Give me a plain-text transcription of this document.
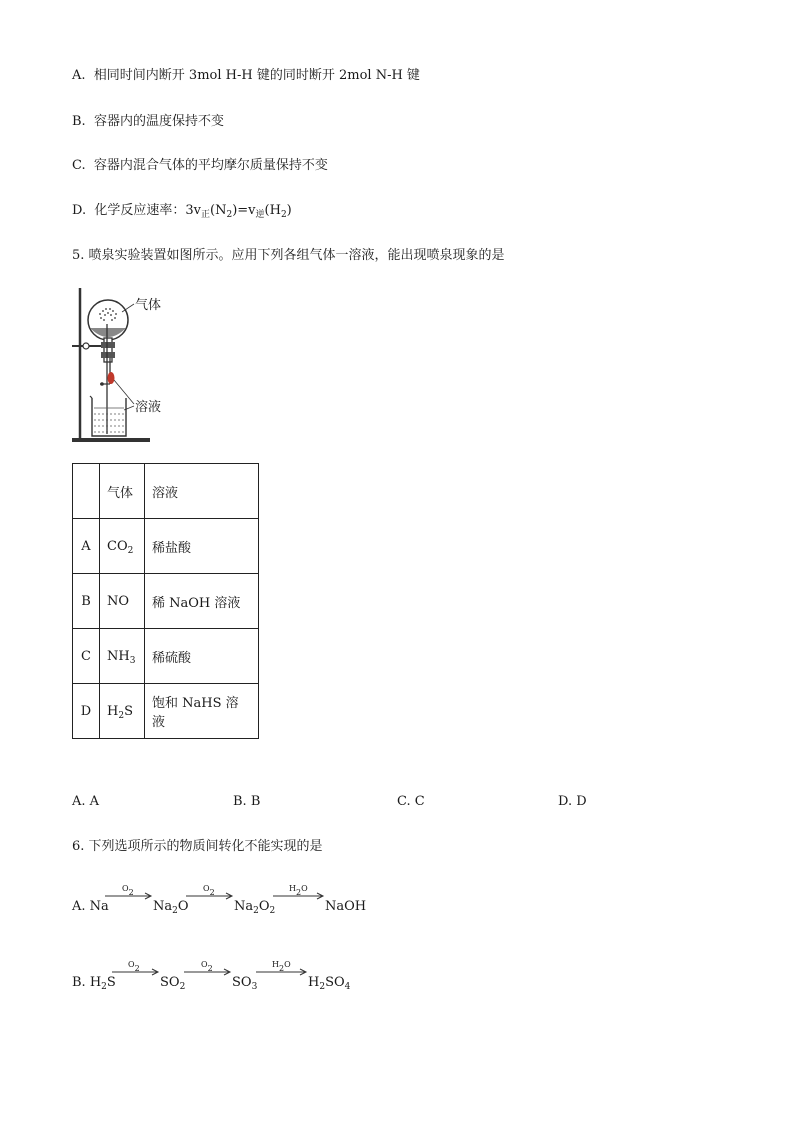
A. 相同时间内断开 3mol H-H 键的同时断开 2mol N-H 键
B. 容器内的温度保持不变
C. 容器内混合气体的平均摩尔质量保持不变
D. 化学反应速率：$3v_正(N_2)=v_逆(H_2)$
5. 喷泉实验装置如图所示。应用下列各组气体一溶液，能出现喷泉现象的是
气体
溶液
	气体	溶液
A	$CO_2$	稀盐酸
B	NO	稀 NaOH 溶液
C	$NH_3$	稀硫酸
D	$H_2S$	饱和 NaHS 溶液
A. A	B. B	C. C	D. D
6. 下列选项所示的物质间转化不能实现的是
A. Na
O2
$Na_2O$
O2
$Na_2O_2$
H2O
NaOH
B. $H_2S$
O2
$SO_2$
O2
$SO_3$
H2O
$H_2SO_4$
